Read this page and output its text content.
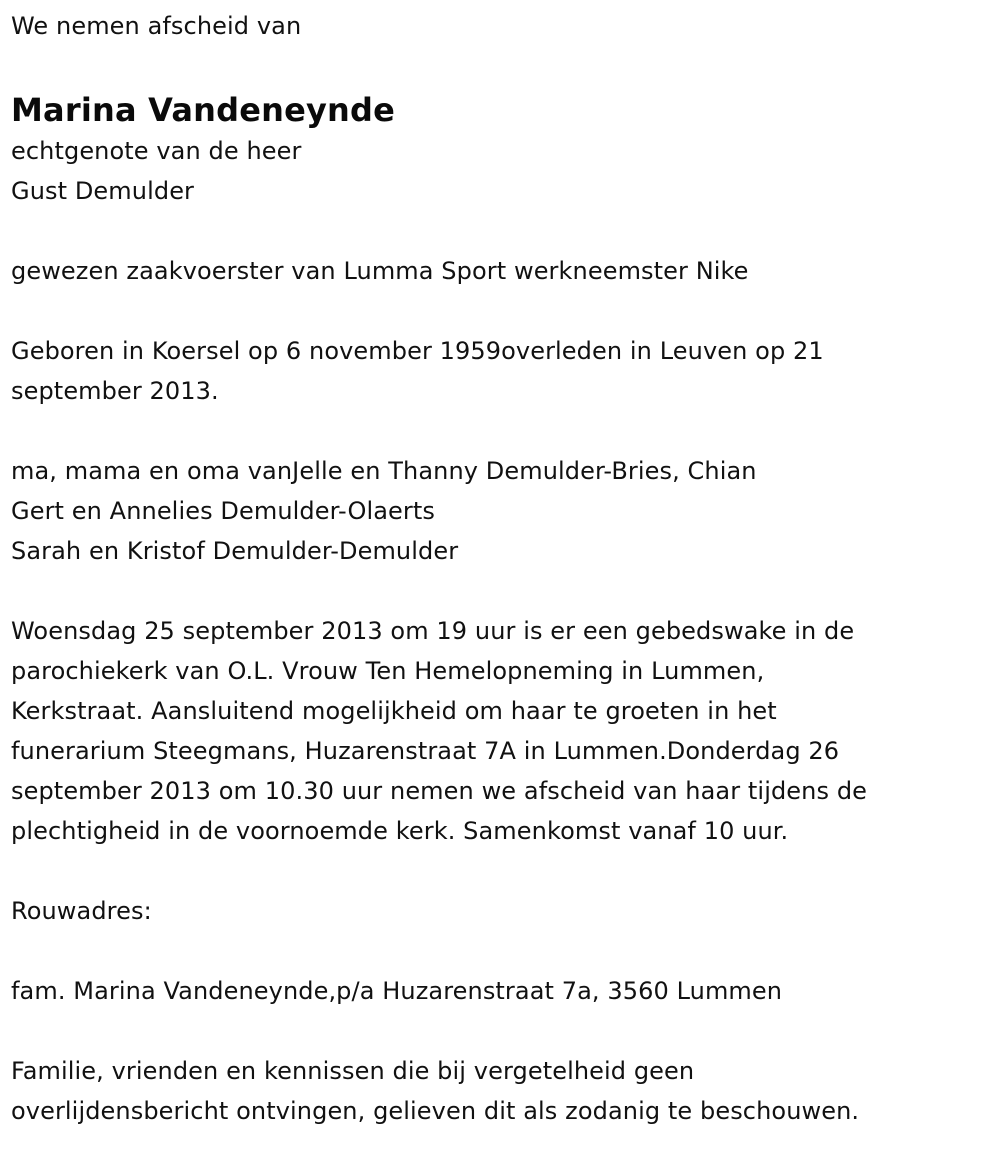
We nemen afscheid van

Marina Vandeneynde

echtgenote van de heer

Gust Demulder

gewezen zaakvoerster van Lumma Sport werkneemster Nike

Geboren in Koersel op 6 november 1959overleden in Leuven op 21

september 2013.

ma, mama en oma vanJelle en Thanny Demulder-Bries, Chian

Gert en Annelies Demulder-Olaerts

Sarah en Kristof Demulder-Demulder

Woensdag 25 september 2013 om 19 uur is er een gebedswake in de

parochiekerk van O.L. Vrouw Ten Hemelopneming in Lummen,

Kerkstraat. Aansluitend mogelijkheid om haar te groeten in het

funerarium Steegmans, Huzarenstraat 7A in Lummen.Donderdag 26

september 2013 om 10.30 uur nemen we afscheid van haar tijdens de

plechtigheid in de voornoemde kerk. Samenkomst vanaf 10 uur.

Rouwadres:

fam. Marina Vandeneynde,p/a Huzarenstraat 7a, 3560 Lummen

Familie, vrienden en kennissen die bij vergetelheid geen

overlijdensbericht ontvingen, gelieven dit als zodanig te beschouwen.
